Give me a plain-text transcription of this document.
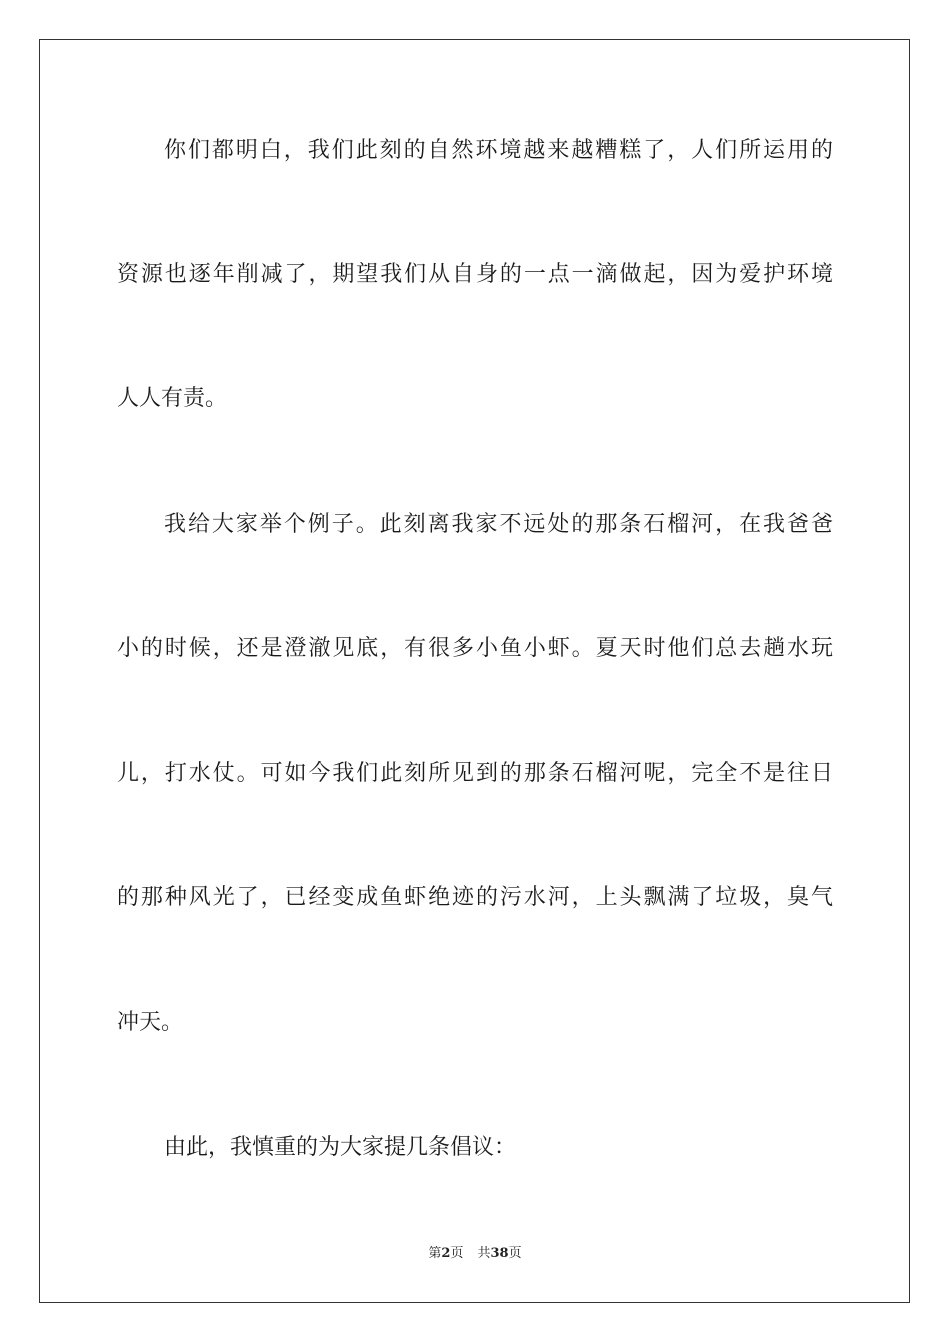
你们都明白，我们此刻的自然环境越来越糟糕了，人们所运用的
资源也逐年削减了，期望我们从自身的一点一滴做起，因为爱护环境
人人有责。
我给大家举个例子。此刻离我家不远处的那条石榴河，在我爸爸
小的时候，还是澄澈见底，有很多小鱼小虾。夏天时他们总去趟水玩
儿，打水仗。可如今我们此刻所见到的那条石榴河呢，完全不是往日
的那种风光了，已经变成鱼虾绝迹的污水河，上头飘满了垃圾，臭气
冲天。
由此，我慎重的为大家提几条倡议：
第2页 共38页
